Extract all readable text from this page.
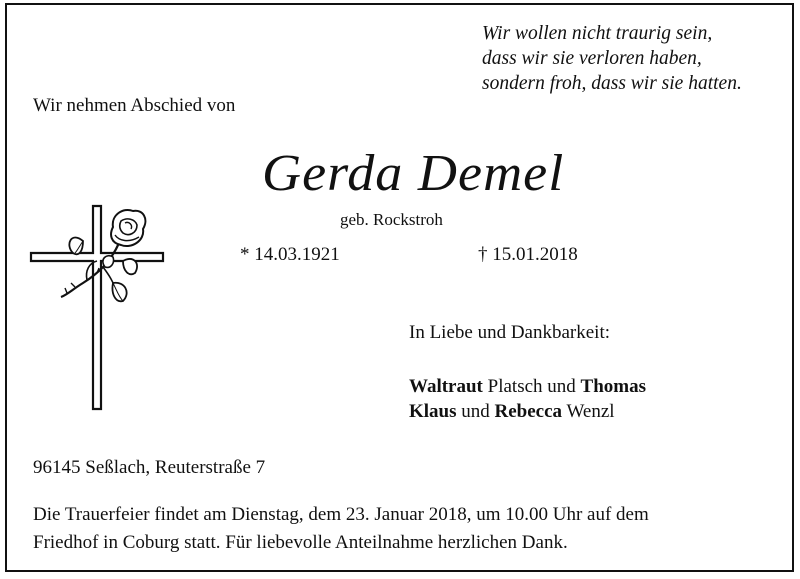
Wir wollen nicht traurig sein,
dass wir sie verloren haben,
sondern froh, dass wir sie hatten.
Wir nehmen Abschied von
Gerda Demel
geb. Rockstroh
* 14.03.1921	† 15.01.2018
In Liebe und Dankbarkeit:
Waltraut Platsch und Thomas
Klaus und Rebecca Wenzl
96145 Seßlach, Reuterstraße 7
Die Trauerfeier findet am Dienstag, dem 23. Januar 2018, um 10.00 Uhr auf dem
Friedhof in Coburg statt. Für liebevolle Anteilnahme herzlichen Dank.
